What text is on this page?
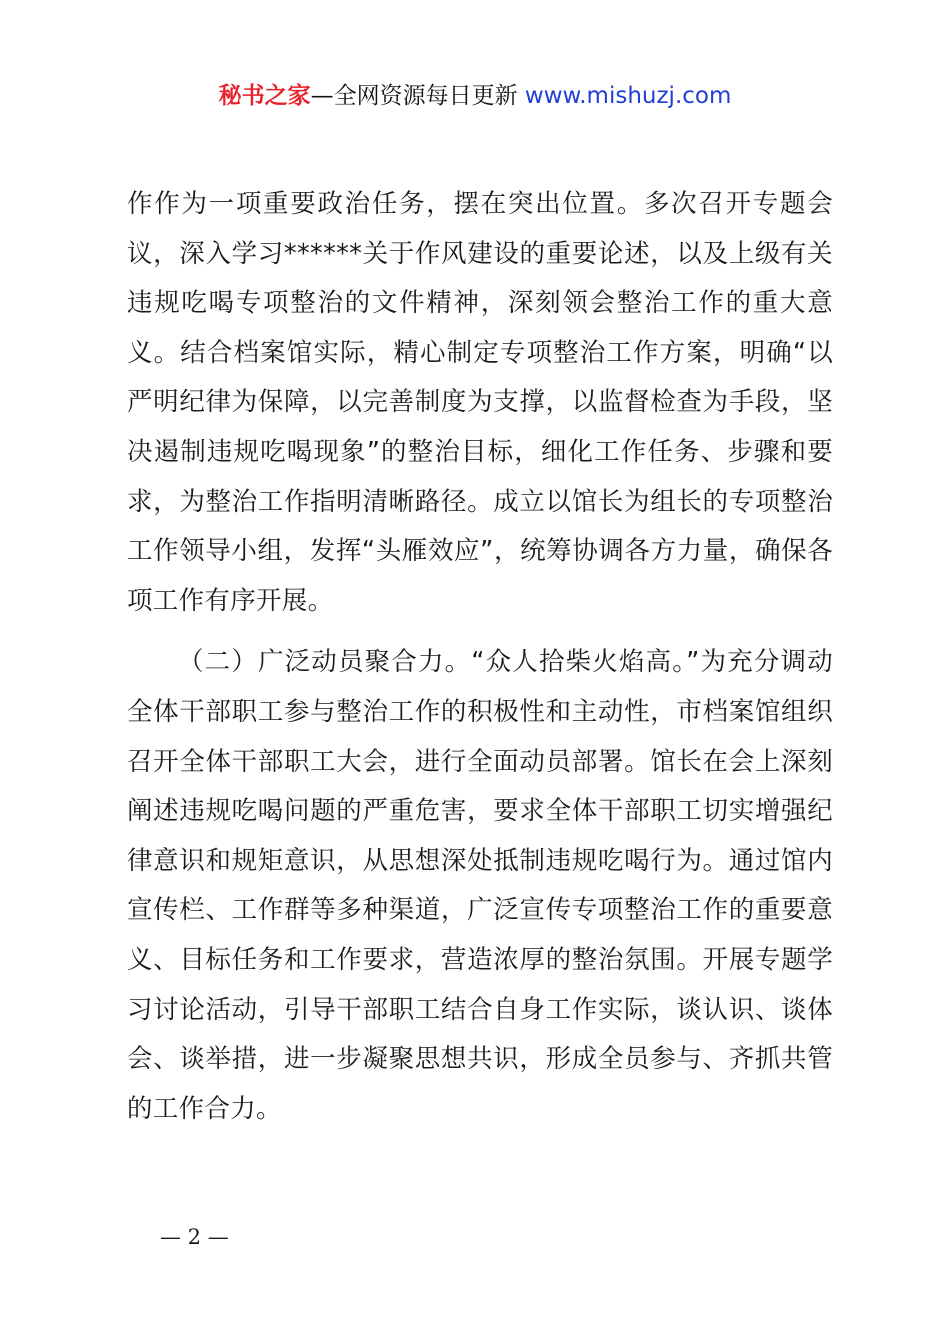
秘书之家—全网资源每日更新 www.mishuzj.com

作作为一项重要政治任务，摆在突出位置。多次召开专题会议，深入学习******关于作风建设的重要论述，以及上级有关违规吃喝专项整治的文件精神，深刻领会整治工作的重大意义。结合档案馆实际，精心制定专项整治工作方案，明确“以严明纪律为保障，以完善制度为支撑，以监督检查为手段，坚决遏制违规吃喝现象”的整治目标，细化工作任务、步骤和要求，为整治工作指明清晰路径。成立以馆长为组长的专项整治工作领导小组，发挥“头雁效应”，统筹协调各方力量，确保各项工作有序开展。

（二）广泛动员聚合力。“众人拾柴火焰高。”为充分调动全体干部职工参与整治工作的积极性和主动性，市档案馆组织召开全体干部职工大会，进行全面动员部署。馆长在会上深刻阐述违规吃喝问题的严重危害，要求全体干部职工切实增强纪律意识和规矩意识，从思想深处抵制违规吃喝行为。通过馆内宣传栏、工作群等多种渠道，广泛宣传专项整治工作的重要意义、目标任务和工作要求，营造浓厚的整治氛围。开展专题学习讨论活动，引导干部职工结合自身工作实际，谈认识、谈体会、谈举措，进一步凝聚思想共识，形成全员参与、齐抓共管的工作合力。

— 2 —
